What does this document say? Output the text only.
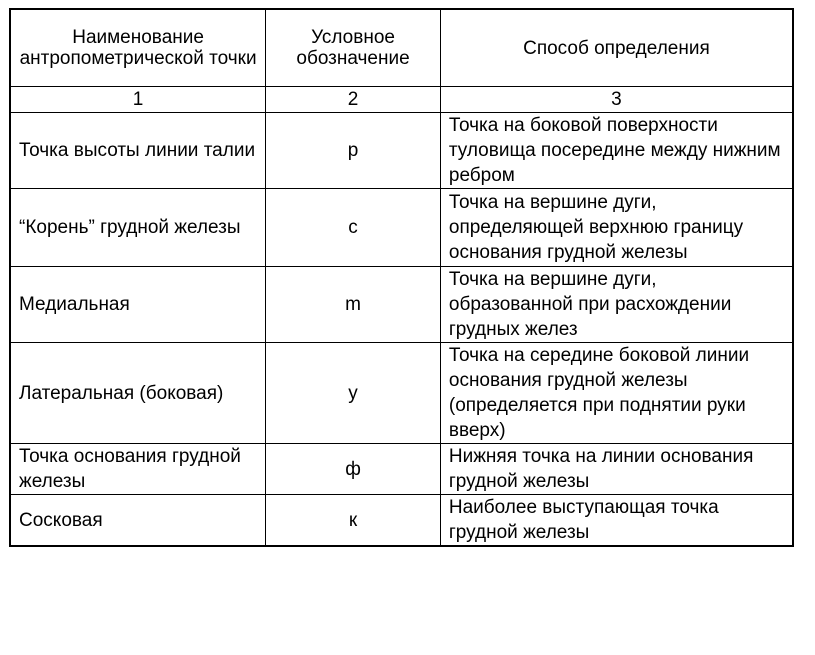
Наименование антропометрической точки	Условное обозначение	Способ определения
1	2	3
Точка высоты линии талии	р	Точка на боковой поверхности туловища посередине между нижним ребром
“Корень” грудной железы	с	Точка на вершине дуги, определяющей верхнюю границу основания грудной железы
Медиальная	m	Точка на вершине дуги, образованной при расхождении грудных желез
Латеральная (боковая)	у	Точка на середине боковой линии основания грудной железы (определяется при поднятии руки вверх)
Точка основания грудной железы	ф	Нижняя точка на линии основания грудной железы
Сосковая	к	Наиболее выступающая точка грудной железы
